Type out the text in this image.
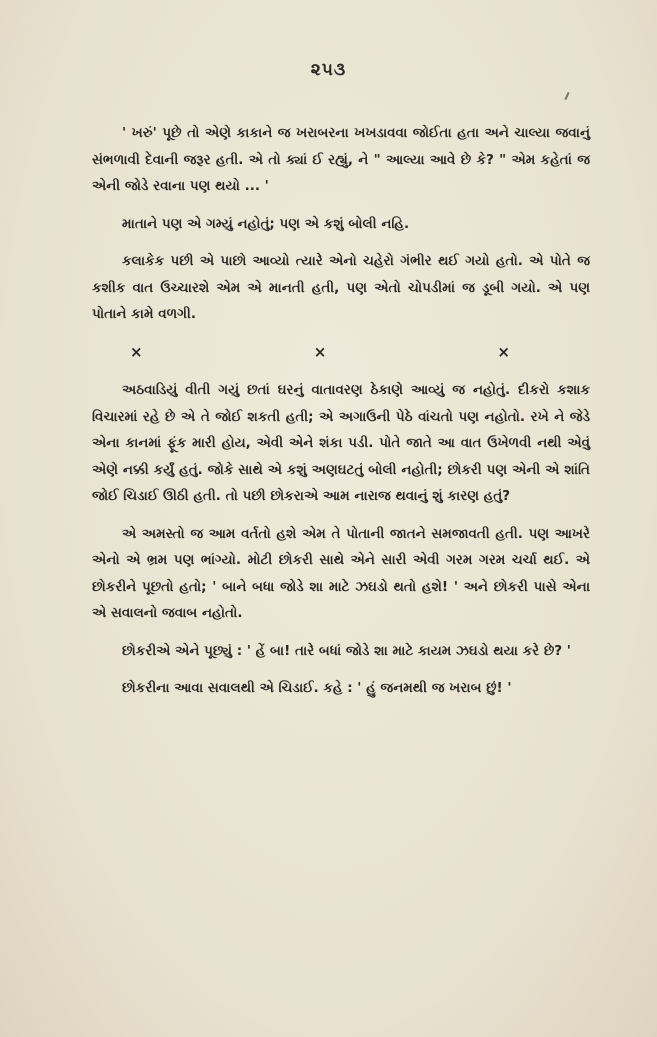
૨૫૩

' ખરું' પૂછે તો એણે કાકાને જ ખરાબરના ખખડાવવા જોઈતા હતા અને ચાલ્યા જવાનું સંભળાવી દેવાની જરૂર હતી. એ તો ક્યાં ઈ રહ્યું, ને " આલ્યા આવે છે કે? " એમ કહેતાં જ એની જોડે રવાના પણ થયો ... '

માતાને પણ એ ગમ્યું નહોતું; પણ એ કશું બોલી નહિ.

કલાકેક પછી એ પાછો આવ્યો ત્યારે એનો ચહેરો ગંભીર થઈ ગયો હતો. એ પોતે જ કશીક વાત ઉચ્ચારશે એમ એ માનતી હતી, પણ એતો ચોપડીમાં જ ડૂબી ગયો. એ પણ પોતાને કામે વળગી.

×	×	×

અઠવાડિયું વીતી ગયું છતાં ઘરનું વાતાવરણ ઠેકાણે આવ્યું જ નહોતું. દીકરો કશાક વિચારમાં રહે છે એ તે જોઈ શકતી હતી; એ અગાઉની પેઠે વાંચતો પણ નહોતો. રખે ને જેડે એના કાનમાં ફૂંક મારી હોય, એવી એને શંકા પડી. પોતે જાતે આ વાત ઉખેળવી નથી એવું એણે નક્કી કર્યું હતું. જોકે સાથે એ કશું અણઘટતું બોલી નહોતી; છોકરી પણ એની એ શાંતિ જોઈ ચિડાઈ ઊઠી હતી. તો પછી છોકરાએ આમ નારાજ થવાનું શું કારણ હતું?

એ અમસ્તો જ આમ વર્તતો હશે એમ તે પોતાની જાતને સમજાવતી હતી. પણ આખરે એનો એ ભ્રમ પણ ભાંગ્યો. મોટી છોકરી સાથે એને સારી એવી ગરમ ગરમ ચર્ચા થઈ. એ છોકરીને પૂછતો હતો; ' બાને બધા જોડે શા માટે ઝઘડો થતો હશે! ' અને છોકરી પાસે એના એ સવાલનો જવાબ નહોતો.

છોકરીએ એને પૂછ્યું : ' હેં બા! તારે બધાં જોડે શા માટે કાયમ ઝઘડો થયા કરે છે? '

છોકરીના આવા સવાલથી એ ચિડાઈ. કહે : ' હું જનમથી જ ખરાબ છું! '
